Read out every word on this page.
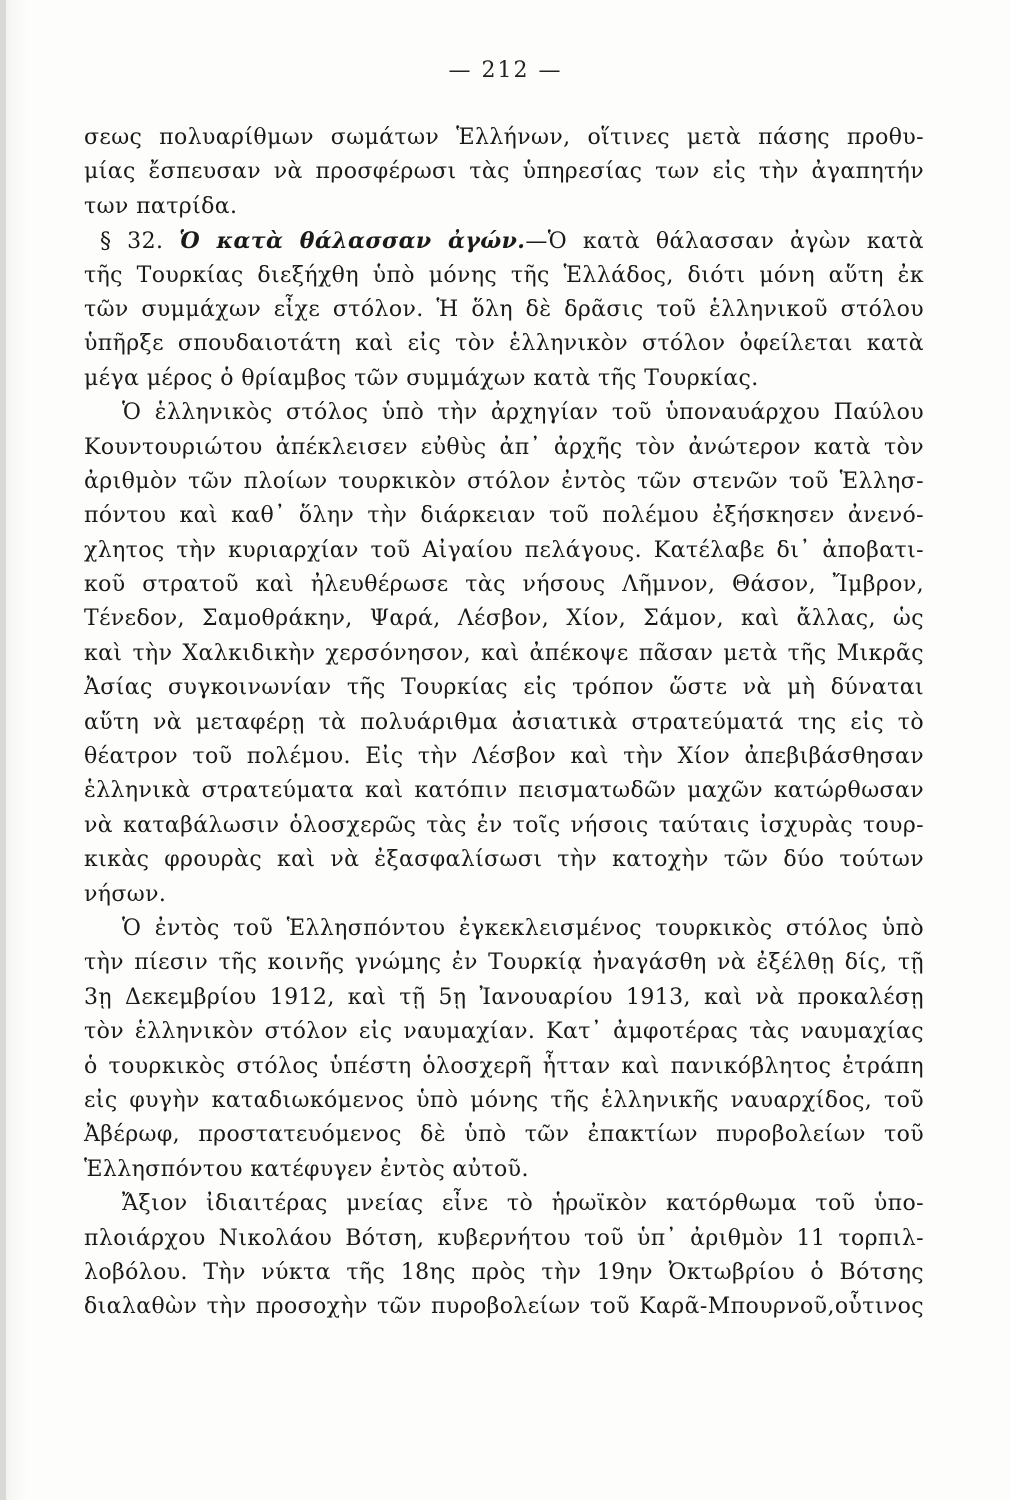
— 212 —
σεως πολυαρίθμων σωμάτων Ἑλλήνων, οἵτινες μετὰ πάσης προθυ-
μίας ἔσπευσαν νὰ προσφέρωσι τὰς ὑπηρεσίας των εἰς τὴν ἀγαπητήν
των πατρίδα.
§ 32. Ὁ κατὰ θάλασσαν ἀγών.—Ὁ κατὰ θάλασσαν ἀγὼν κατὰ
τῆς Τουρκίας διεξήχθη ὑπὸ μόνης τῆς Ἑλλάδος, διότι μόνη αὕτη ἐκ
τῶν συμμάχων εἶχε στόλον. Ἡ ὅλη δὲ δρᾶσις τοῦ ἑλληνικοῦ στόλου
ὑπῆρξε σπουδαιοτάτη καὶ εἰς τὸν ἑλληνικὸν στόλον ὀφείλεται κατὰ
μέγα μέρος ὁ θρίαμβος τῶν συμμάχων κατὰ τῆς Τουρκίας.
Ὁ ἑλληνικὸς στόλος ὑπὸ τὴν ἀρχηγίαν τοῦ ὑποναυάρχου Παύλου
Κουντουριώτου ἀπέκλεισεν εὐθὺς ἀπ᾿ ἀρχῆς τὸν ἀνώτερον κατὰ τὸν
ἀριθμὸν τῶν πλοίων τουρκικὸν στόλον ἐντὸς τῶν στενῶν τοῦ Ἑλλησ-
πόντου καὶ καθ᾿ ὅλην τὴν διάρκειαν τοῦ πολέμου ἐξήσκησεν ἀνενό-
χλητος τὴν κυριαρχίαν τοῦ Αἰγαίου πελάγους. Κατέλαβε δι᾿ ἀποβατι-
κοῦ στρατοῦ καὶ ἠλευθέρωσε τὰς νήσους Λῆμνον, Θάσον, Ἴμβρον,
Τένεδον, Σαμοθράκην, Ψαρά, Λέσβον, Χίον, Σάμον, καὶ ἄλλας, ὡς
καὶ τὴν Χαλκιδικὴν χερσόνησον, καὶ ἀπέκοψε πᾶσαν μετὰ τῆς Μικρᾶς
Ἀσίας συγκοινωνίαν τῆς Τουρκίας εἰς τρόπον ὥστε νὰ μὴ δύναται
αὕτη νὰ μεταφέρῃ τὰ πολυάριθμα ἀσιατικὰ στρατεύματά της εἰς τὸ
θέατρον τοῦ πολέμου. Εἰς τὴν Λέσβον καὶ τὴν Χίον ἀπεβιβάσθησαν
ἑλληνικὰ στρατεύματα καὶ κατόπιν πεισματωδῶν μαχῶν κατώρθωσαν
νὰ καταβάλωσιν ὁλοσχερῶς τὰς ἐν τοῖς νήσοις ταύταις ἰσχυρὰς τουρ-
κικὰς φρουρὰς καὶ νὰ ἐξασφαλίσωσι τὴν κατοχὴν τῶν δύο τούτων
νήσων.
Ὁ ἐντὸς τοῦ Ἑλλησπόντου ἐγκεκλεισμένος τουρκικὸς στόλος ὑπὸ
τὴν πίεσιν τῆς κοινῆς γνώμης ἐν Τουρκίᾳ ἠναγάσθη νὰ ἐξέλθῃ δίς, τῇ
3ῃ Δεκεμβρίου 1912, καὶ τῇ 5ῃ Ἰανουαρίου 1913, καὶ νὰ προκαλέσῃ
τὸν ἑλληνικὸν στόλον εἰς ναυμαχίαν. Κατ᾿ ἀμφοτέρας τὰς ναυμαχίας
ὁ τουρκικὸς στόλος ὑπέστη ὁλοσχερῆ ἧτταν καὶ πανικόβλητος ἐτράπη
εἰς φυγὴν καταδιωκόμενος ὑπὸ μόνης τῆς ἑλληνικῆς ναυαρχίδος, τοῦ
Ἀβέρωφ, προστατευόμενος δὲ ὑπὸ τῶν ἐπακτίων πυροβολείων τοῦ
Ἑλλησπόντου κατέφυγεν ἐντὸς αὐτοῦ.
Ἄξιον ἰδιαιτέρας μνείας εἶνε τὸ ἡρωϊκὸν κατόρθωμα τοῦ ὑπο-
πλοιάρχου Νικολάου Βότση, κυβερνήτου τοῦ ὑπ᾿ ἀριθμὸν 11 τορπιλ-
λοβόλου. Τὴν νύκτα τῆς 18ης πρὸς τὴν 19ην Ὀκτωβρίου ὁ Βότσης
διαλαθὼν τὴν προσοχὴν τῶν πυροβολείων τοῦ Καρᾶ-Μπουρνοῦ,οὗτινος
